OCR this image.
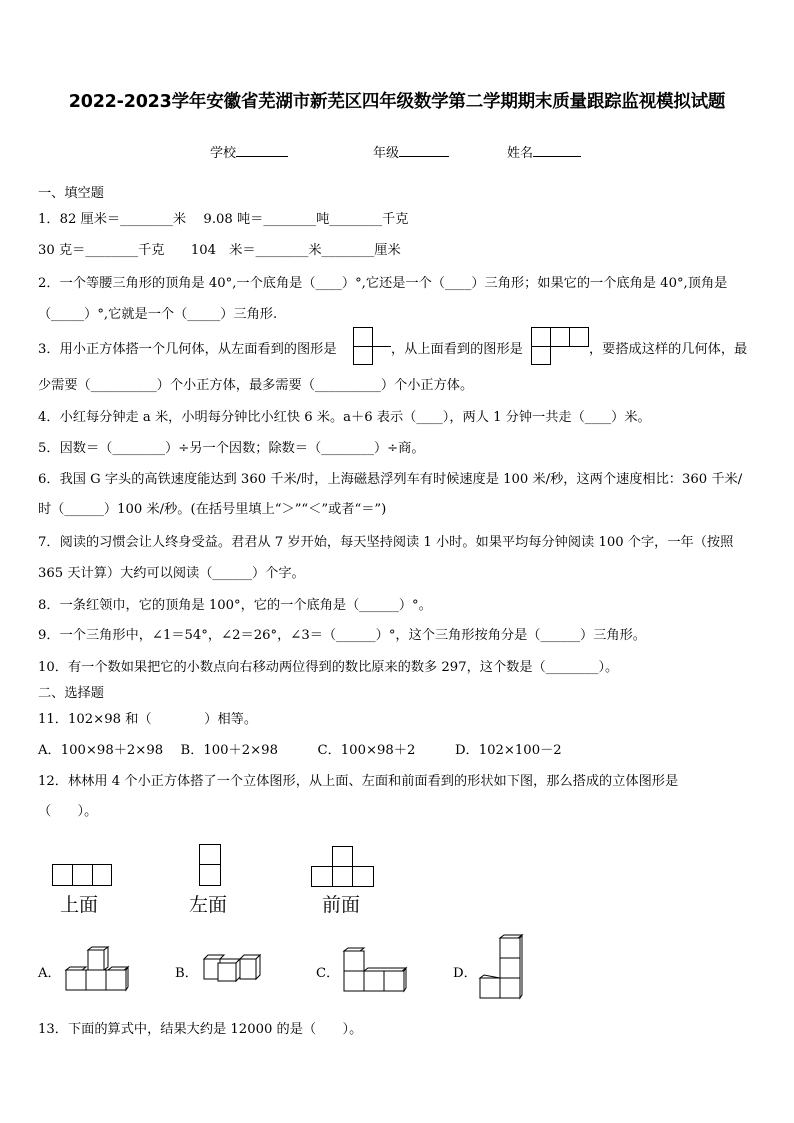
2022-2023学年安徽省芜湖市新芜区四年级数学第二学期期末质量跟踪监视模拟试题
学校	年级	姓名
一、填空题
1．82 厘米＝________米　 9.08 吨＝________吨________千克
30 克＝________千克　　104　米＝________米________厘米
2．一个等腰三角形的顶角是 40°,一个底角是（____）°,它还是一个（____）三角形；如果它的一个底角是 40°,顶角是
（_____）°,它就是一个（_____）三角形.
3．用小正方体搭一个几何体，从左面看到的图形是	，从上面看到的图形是	，要搭成这样的几何体，最
少需要（__________）个小正方体，最多需要（__________）个小正方体。
4．小红每分钟走 a 米，小明每分钟比小红快 6 米。a＋6 表示（____），两人 1 分钟一共走（____）米。
5．因数＝（________）÷另一个因数；除数＝（________）÷商。
6．我国 G 字头的高铁速度能达到 360 千米/时，上海磁悬浮列车有时候速度是 100 米/秒，这两个速度相比：360 千米/
时（______）100 米/秒。(在括号里填上“＞”“＜”或者“＝”)
7．阅读的习惯会让人终身受益。君君从 7 岁开始，每天坚持阅读 1 小时。如果平均每分钟阅读 100 个字，一年（按照
365 天计算）大约可以阅读（______）个字。
8．一条红领巾，它的顶角是 100°，它的一个底角是（______）°。
9．一个三角形中，∠1＝54°，∠2＝26°，∠3＝（______）°，这个三角形按角分是（______）三角形。
10．有一个数如果把它的小数点向右移动两位得到的数比原来的数多 297，这个数是（________）。
二、选择题
11．102×98 和（　　　　）相等。
A．100×98＋2×98　 B．100＋2×98　　　C．100×98＋2　　　D．102×100－2
12．林林用 4 个小正方体搭了一个立体图形，从上面、左面和前面看到的形状如下图，那么搭成的立体图形是
（　　）。
上面	左面	前面
A．	B．	C．	D．
13．下面的算式中，结果大约是 12000 的是（　　）。
